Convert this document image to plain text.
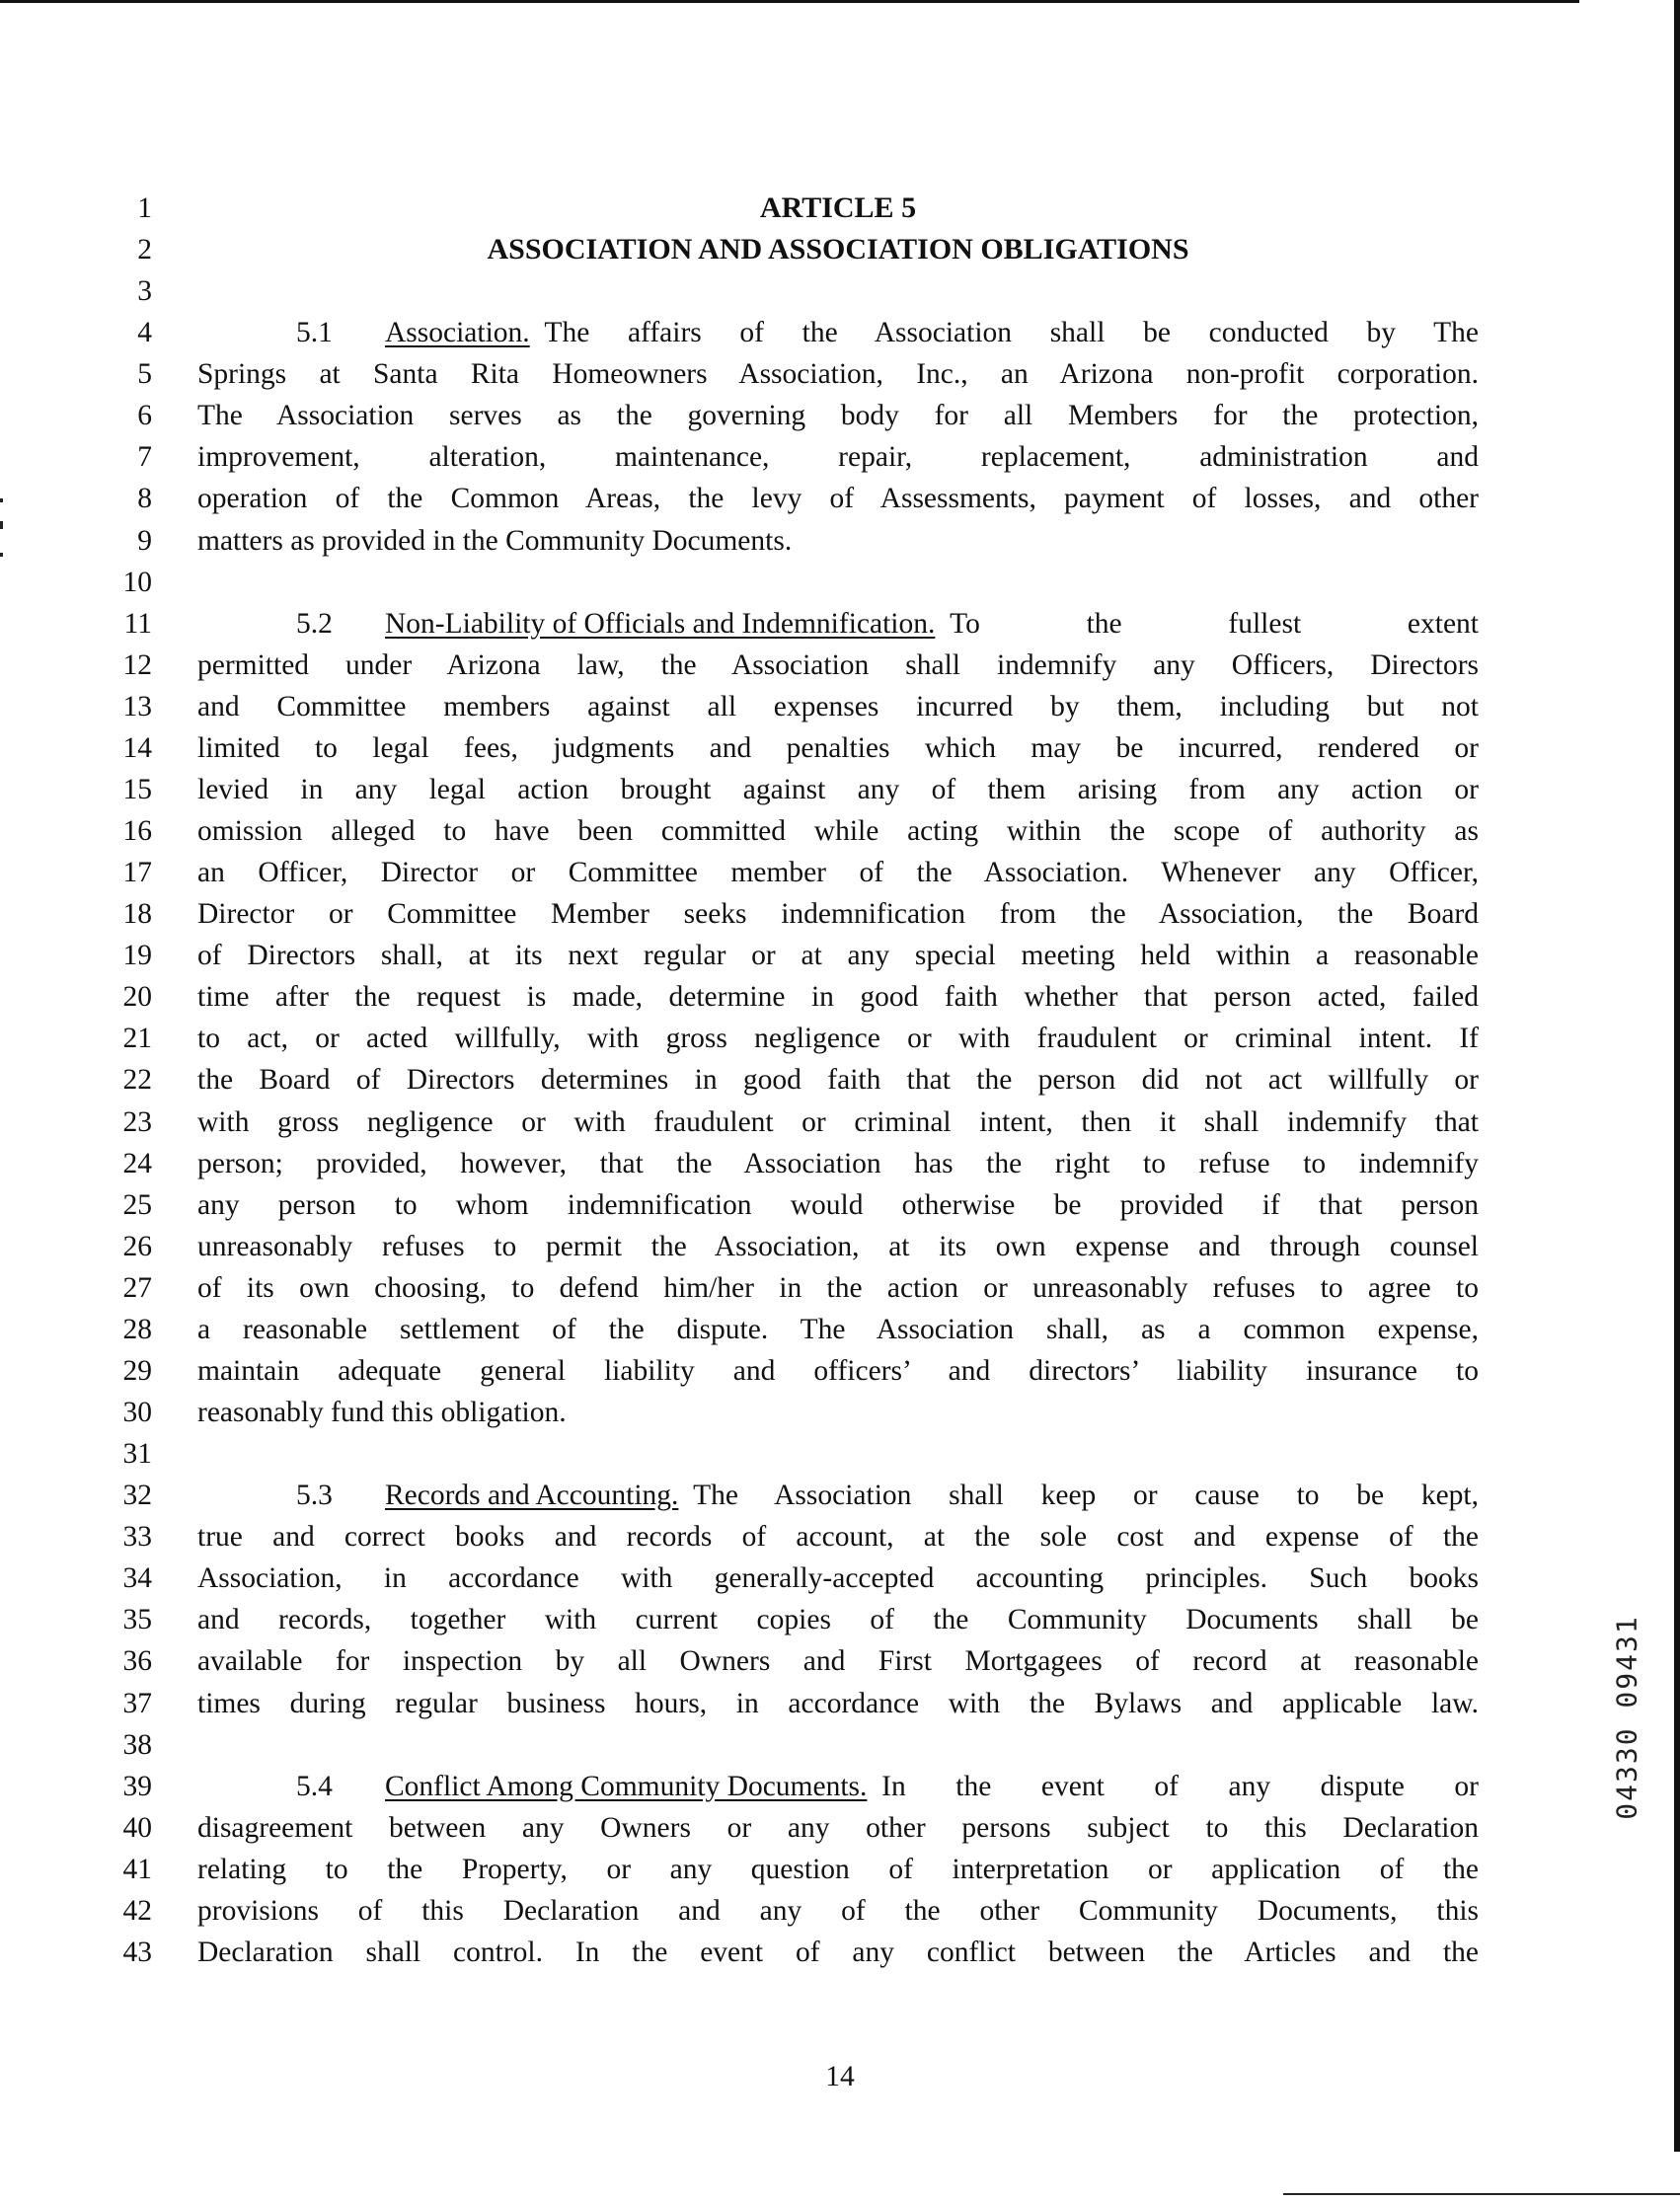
1	ARTICLE 5
2	ASSOCIATION AND ASSOCIATION OBLIGATIONS
3
4	5.1	Association.
The affairs of the Association shall be conducted by The
5 Springs at Santa Rita Homeowners Association, Inc., an Arizona non-profit corporation.
6 The Association serves as the governing body for all Members for the protection,
7 improvement, alteration, maintenance, repair, replacement, administration and
8 operation of the Common Areas, the levy of Assessments, payment of losses, and other
9 matters as provided in the Community Documents.
10
11	5.2	Non-Liability of Officials and Indemnification.
To the fullest extent
12 permitted under Arizona law, the Association shall indemnify any Officers, Directors
13 and Committee members against all expenses incurred by them, including but not
14 limited to legal fees, judgments and penalties which may be incurred, rendered or
15 levied in any legal action brought against any of them arising from any action or
16 omission alleged to have been committed while acting within the scope of authority as
17 an Officer, Director or Committee member of the Association. Whenever any Officer,
18 Director or Committee Member seeks indemnification from the Association, the Board
19 of Directors shall, at its next regular or at any special meeting held within a reasonable
20 time after the request is made, determine in good faith whether that person acted, failed
21 to act, or acted willfully, with gross negligence or with fraudulent or criminal intent. If
22 the Board of Directors determines in good faith that the person did not act willfully or
23 with gross negligence or with fraudulent or criminal intent, then it shall indemnify that
24 person; provided, however, that the Association has the right to refuse to indemnify
25 any person to whom indemnification would otherwise be provided if that person
26 unreasonably refuses to permit the Association, at its own expense and through counsel
27 of its own choosing, to defend him/her in the action or unreasonably refuses to agree to
28 a reasonable settlement of the dispute. The Association shall, as a common expense,
29 maintain adequate general liability and officers’ and directors’ liability insurance to
30 reasonably fund this obligation.
31
32	5.3	Records and Accounting.
The Association shall keep or cause to be kept,
33 true and correct books and records of account, at the sole cost and expense of the
34 Association, in accordance with generally-accepted accounting principles. Such books
35 and records, together with current copies of the Community Documents shall be
36 available for inspection by all Owners and First Mortgagees of record at reasonable
37 times during regular business hours, in accordance with the Bylaws and applicable law.
38
39	5.4	Conflict Among Community Documents.
In the event of any dispute or
40 disagreement between any Owners or any other persons subject to this Declaration
41 relating to the Property, or any question of interpretation or application of the
42 provisions of this Declaration and any of the other Community Documents, this
43 Declaration shall control. In the event of any conflict between the Articles and the
14
04330 09431
